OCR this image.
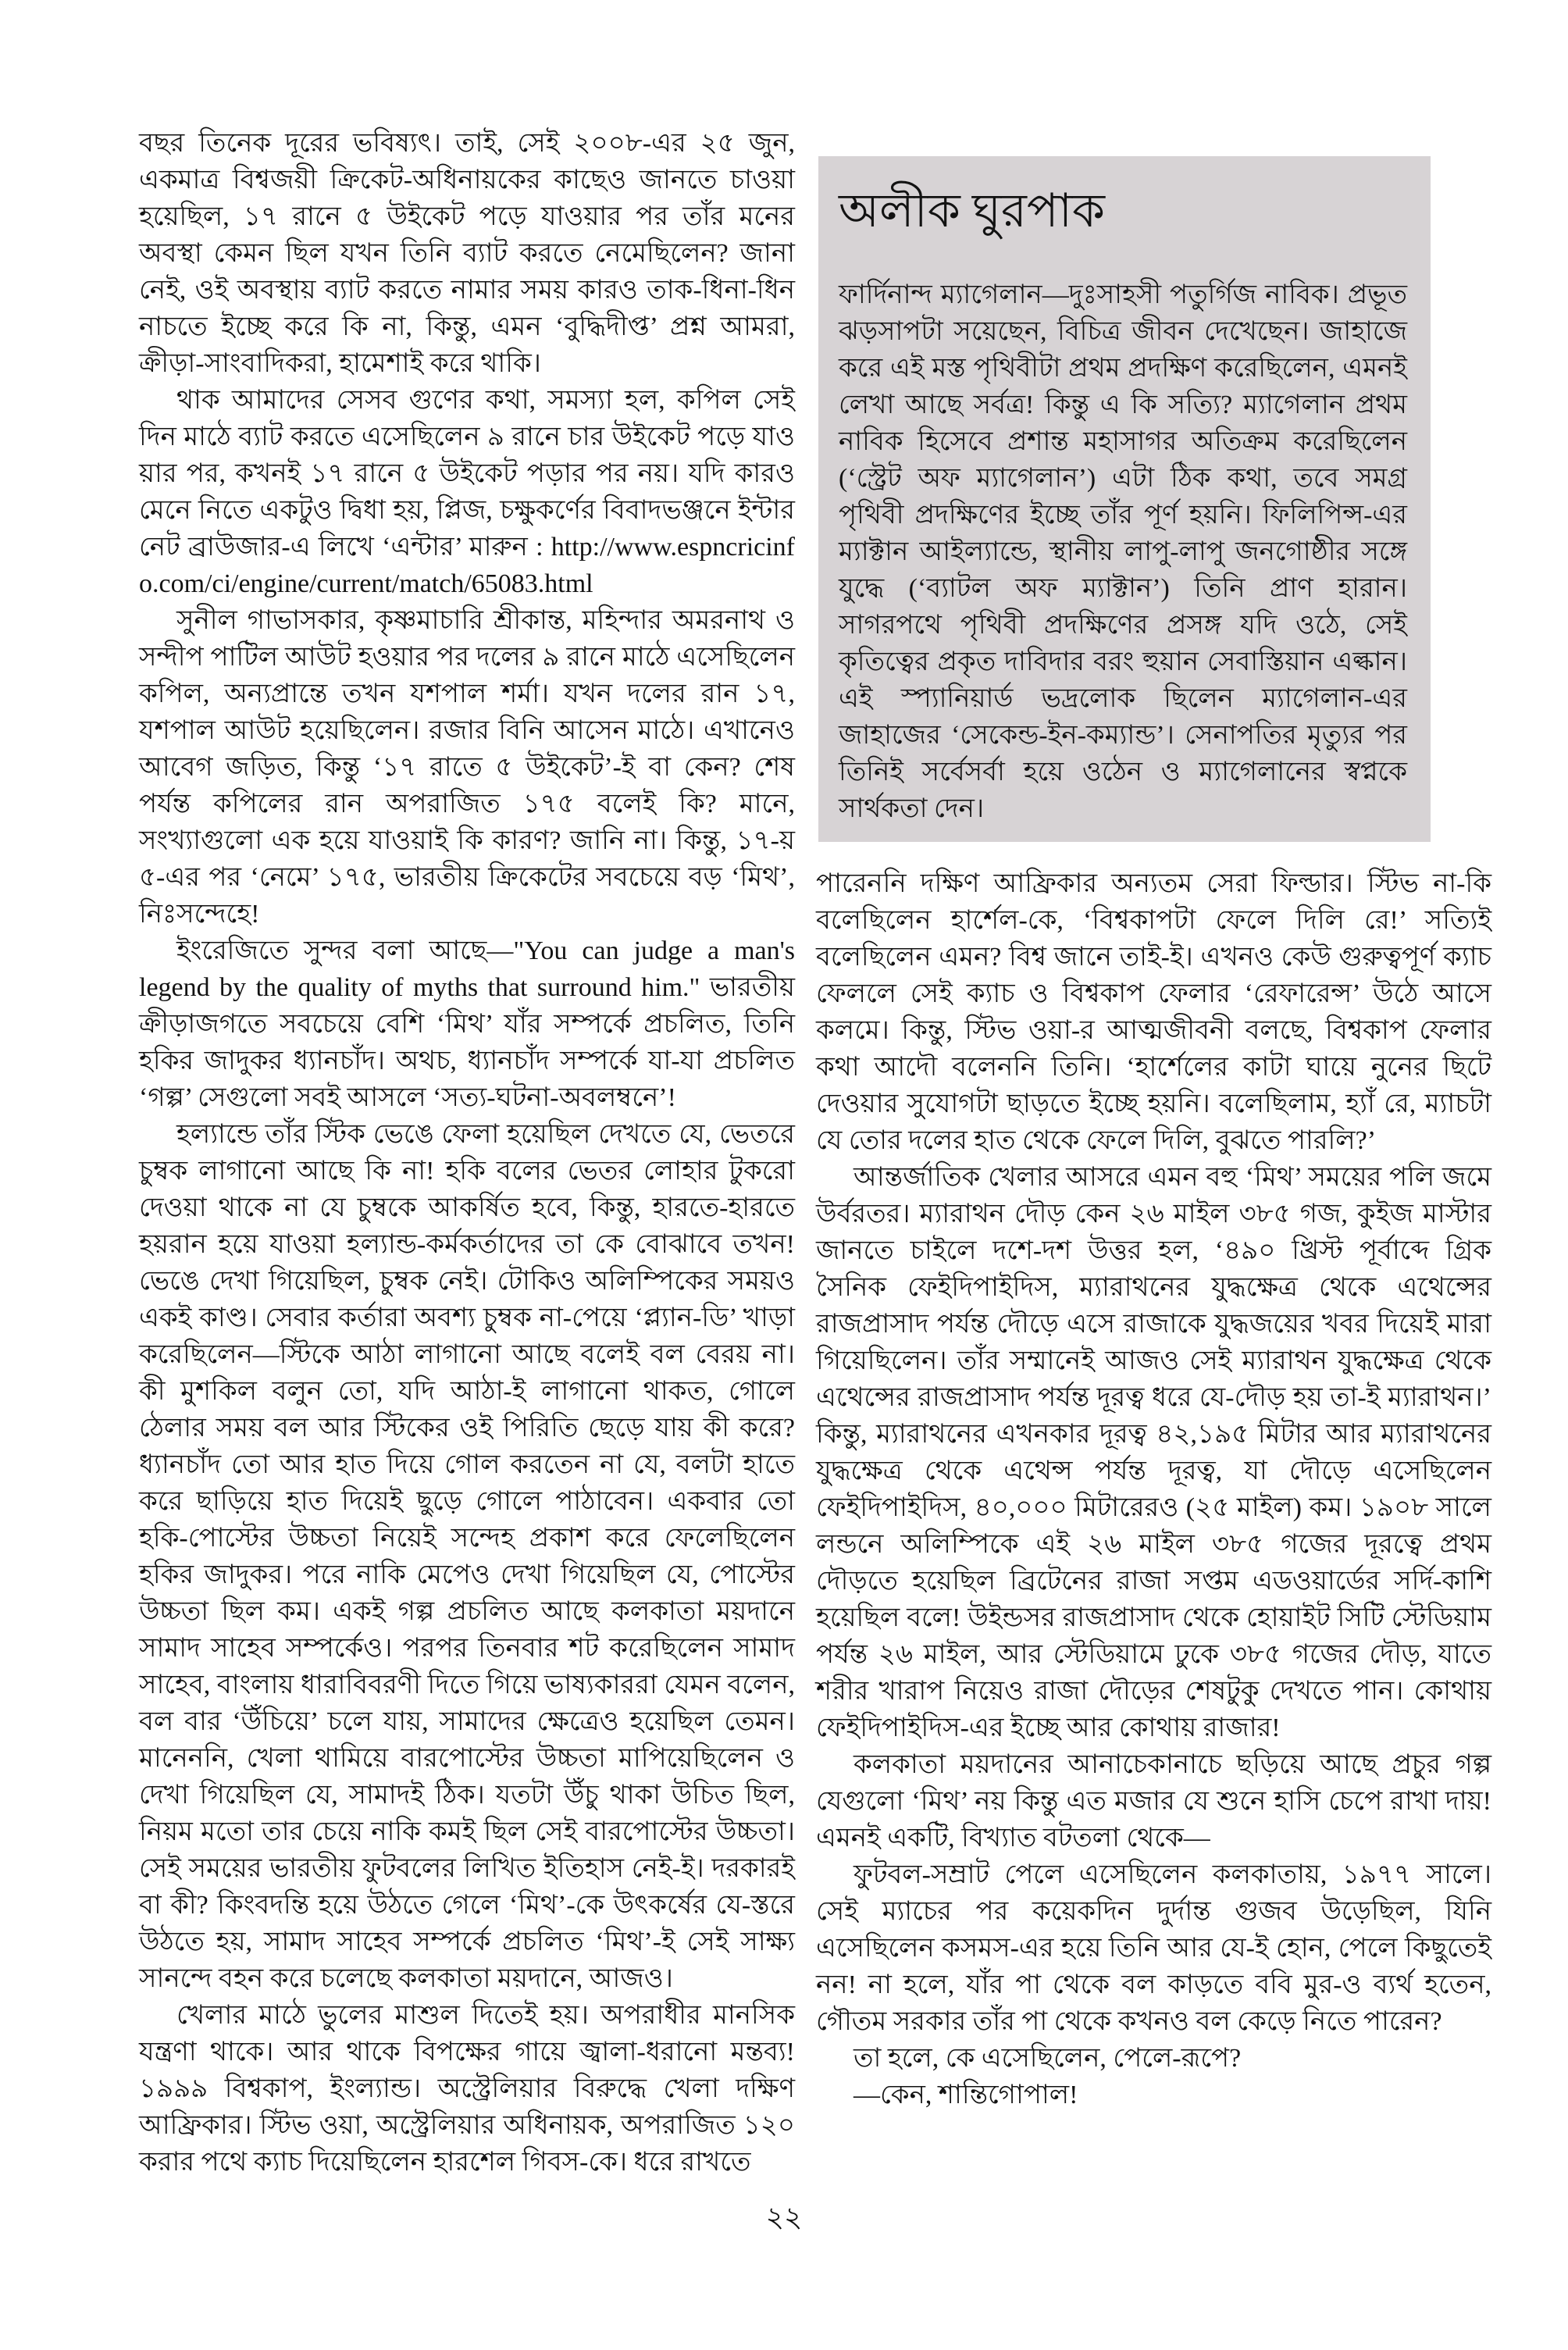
বছর তিনেক দূরের ভবিষ্যৎ। তাই, সেই ২০০৮-এর ২৫ জুন, একমাত্র বিশ্বজয়ী ক্রিকেট-অধিনায়কের কাছেও জানতে চাওয়া হয়েছিল, ১৭ রানে ৫ উইকেট পড়ে যাওয়ার পর তাঁর মনের অবস্থা কেমন ছিল যখন তিনি ব্যাট করতে নেমেছিলেন? জানা নেই, ওই অবস্থায় ব্যাট করতে নামার সময় কারও তাক-ধিনা-ধিন নাচতে ইচ্ছে করে কি না, কিন্তু, এমন ‘বুদ্ধিদীপ্ত’ প্রশ্ন আমরা, ক্রীড়া-সাংবাদিকরা, হামেশাই করে থাকি।

থাক আমাদের সেসব গুণের কথা, সমস্যা হল, কপিল সেই দিন মাঠে ব্যাট করতে এসেছিলেন ৯ রানে চার উইকেট পড়ে যাওয়ার পর, কখনই ১৭ রানে ৫ উইকেট পড়ার পর নয়। যদি কারও মেনে নিতে একটুও দ্বিধা হয়, প্লিজ, চক্ষুকর্ণের বিবাদভঞ্জনে ইন্টারনেট ব্রাউজার-এ লিখে ‘এন্টার’ মারুন : http://www.espncricinfo.com/ci/engine/current/match/65083.html

সুনীল গাভাসকার, কৃষ্ণমাচারি শ্রীকান্ত, মহিন্দার অমরনাথ ও সন্দীপ পাটিল আউট হওয়ার পর দলের ৯ রানে মাঠে এসেছিলেন কপিল, অন্যপ্রান্তে তখন যশপাল শর্মা। যখন দলের রান ১৭, যশপাল আউট হয়েছিলেন। রজার বিনি আসেন মাঠে। এখানেও আবেগ জড়িত, কিন্তু ‘১৭ রাতে ৫ উইকেট’-ই বা কেন? শেষ পর্যন্ত কপিলের রান অপরাজিত ১৭৫ বলেই কি? মানে, সংখ্যাগুলো এক হয়ে যাওয়াই কি কারণ? জানি না। কিন্তু, ১৭-য় ৫-এর পর ‘নেমে’ ১৭৫, ভারতীয় ক্রিকেটের সবচেয়ে বড় ‘মিথ’, নিঃসন্দেহে!

ইংরেজিতে সুন্দর বলা আছে—"You can judge a man's legend by the quality of myths that surround him." ভারতীয় ক্রীড়াজগতে সবচেয়ে বেশি ‘মিথ’ যাঁর সম্পর্কে প্রচলিত, তিনি হকির জাদুকর ধ্যানচাঁদ। অথচ, ধ্যানচাঁদ সম্পর্কে যা-যা প্রচলিত ‘গল্প’ সেগুলো সবই আসলে ‘সত্য-ঘটনা-অবলম্বনে’!

হল্যান্ডে তাঁর স্টিক ভেঙে ফেলা হয়েছিল দেখতে যে, ভেতরে চুম্বক লাগানো আছে কি না! হকি বলের ভেতর লোহার টুকরো দেওয়া থাকে না যে চুম্বকে আকর্ষিত হবে, কিন্তু, হারতে-হারতে হয়রান হয়ে যাওয়া হল্যান্ড-কর্মকর্তাদের তা কে বোঝাবে তখন! ভেঙে দেখা গিয়েছিল, চুম্বক নেই। টোকিও অলিম্পিকের সময়ও একই কাণ্ড। সেবার কর্তারা অবশ্য চুম্বক না-পেয়ে ‘প্ল্যান-ডি’ খাড়া করেছিলেন—স্টিকে আঠা লাগানো আছে বলেই বল বেরয় না। কী মুশকিল বলুন তো, যদি আঠা-ই লাগানো থাকত, গোলে ঠেলার সময় বল আর স্টিকের ওই পিরিতি ছেড়ে যায় কী করে? ধ্যানচাঁদ তো আর হাত দিয়ে গোল করতেন না যে, বলটা হাতে করে ছাড়িয়ে হাত দিয়েই ছুড়ে গোলে পাঠাবেন। একবার তো হকি-পোস্টের উচ্চতা নিয়েই সন্দেহ প্রকাশ করে ফেলেছিলেন হকির জাদুকর। পরে নাকি মেপেও দেখা গিয়েছিল যে, পোস্টের উচ্চতা ছিল কম। একই গল্প প্রচলিত আছে কলকাতা ময়দানে সামাদ সাহেব সম্পর্কেও। পরপর তিনবার শট করেছিলেন সামাদ সাহেব, বাংলায় ধারাবিবরণী দিতে গিয়ে ভাষ্যকাররা যেমন বলেন, বল বার ‘উঁচিয়ে’ চলে যায়, সামাদের ক্ষেত্রেও হয়েছিল তেমন। মানেননি, খেলা থামিয়ে বারপোস্টের উচ্চতা মাপিয়েছিলেন ও দেখা গিয়েছিল যে, সামাদই ঠিক। যতটা উঁচু থাকা উচিত ছিল, নিয়ম মতো তার চেয়ে নাকি কমই ছিল সেই বারপোস্টের উচ্চতা। সেই সময়ের ভারতীয় ফুটবলের লিখিত ইতিহাস নেই-ই। দরকারই বা কী? কিংবদন্তি হয়ে উঠতে গেলে ‘মিথ’-কে উৎকর্ষের যে-স্তরে উঠতে হয়, সামাদ সাহেব সম্পর্কে প্রচলিত ‘মিথ’-ই সেই সাক্ষ্য সানন্দে বহন করে চলেছে কলকাতা ময়দানে, আজও।

খেলার মাঠে ভুলের মাশুল দিতেই হয়। অপরাধীর মানসিক যন্ত্রণা থাকে। আর থাকে বিপক্ষের গায়ে জ্বালা-ধরানো মন্তব্য! ১৯৯৯ বিশ্বকাপ, ইংল্যান্ড। অস্ট্রেলিয়ার বিরুদ্ধে খেলা দক্ষিণ আফ্রিকার। স্টিভ ওয়া, অস্ট্রেলিয়ার অধিনায়ক, অপরাজিত ১২০ করার পথে ক্যাচ দিয়েছিলেন হারশেল গিবস-কে। ধরে রাখতে

অলীক ঘুরপাক

ফার্দিনান্দ ম্যাগেলান—দুঃসাহসী পতুর্গিজ নাবিক। প্রভূত ঝড়সাপটা সয়েছেন, বিচিত্র জীবন দেখেছেন। জাহাজে করে এই মস্ত পৃথিবীটা প্রথম প্রদক্ষিণ করেছিলেন, এমনই লেখা আছে সর্বত্র! কিন্তু এ কি সত্যি? ম্যাগেলান প্রথম নাবিক হিসেবে প্রশান্ত মহাসাগর অতিক্রম করেছিলেন (‘স্ট্রেট অফ ম্যাগেলান’) এটা ঠিক কথা, তবে সমগ্র পৃথিবী প্রদক্ষিণের ইচ্ছে তাঁর পূর্ণ হয়নি। ফিলিপিন্স-এর ম্যাক্টান আইল্যান্ডে, স্থানীয় লাপু-লাপু জনগোষ্ঠীর সঙ্গে যুদ্ধে (‘ব্যাটল অফ ম্যাক্টান’) তিনি প্রাণ হারান। সাগরপথে পৃথিবী প্রদক্ষিণের প্রসঙ্গ যদি ওঠে, সেই কৃতিত্বের প্রকৃত দাবিদার বরং হুয়ান সেবাস্তিয়ান এল্কান। এই স্প্যানিয়ার্ড ভদ্রলোক ছিলেন ম্যাগেলান-এর জাহাজের ‘সেকেন্ড-ইন-কম্যান্ড’। সেনাপতির মৃত্যুর পর তিনিই সর্বেসর্বা হয়ে ওঠেন ও ম্যাগেলানের স্বপ্নকে সার্থকতা দেন।

পারেননি দক্ষিণ আফ্রিকার অন্যতম সেরা ফিল্ডার। স্টিভ না-কি বলেছিলেন হার্শেল-কে, ‘বিশ্বকাপটা ফেলে দিলি রে!’ সত্যিই বলেছিলেন এমন? বিশ্ব জানে তাই-ই। এখনও কেউ গুরুত্বপূর্ণ ক্যাচ ফেললে সেই ক্যাচ ও বিশ্বকাপ ফেলার ‘রেফারেন্স’ উঠে আসে কলমে। কিন্তু, স্টিভ ওয়া-র আত্মজীবনী বলছে, বিশ্বকাপ ফেলার কথা আদৌ বলেননি তিনি। ‘হার্শেলের কাটা ঘায়ে নুনের ছিটে দেওয়ার সুযোগটা ছাড়তে ইচ্ছে হয়নি। বলেছিলাম, হ্যাঁ রে, ম্যাচটা যে তোর দলের হাত থেকে ফেলে দিলি, বুঝতে পারলি?’

আন্তর্জাতিক খেলার আসরে এমন বহু ‘মিথ’ সময়ের পলি জমে উর্বরতর। ম্যারাথন দৌড় কেন ২৬ মাইল ৩৮৫ গজ, কুইজ মাস্টার জানতে চাইলে দশে-দশ উত্তর হল, ‘৪৯০ খ্রিস্ট পূর্বাব্দে গ্রিক সৈনিক ফেইদিপাইদিস, ম্যারাথনের যুদ্ধক্ষেত্র থেকে এথেন্সের রাজপ্রাসাদ পর্যন্ত দৌড়ে এসে রাজাকে যুদ্ধজয়ের খবর দিয়েই মারা গিয়েছিলেন। তাঁর সম্মানেই আজও সেই ম্যারাথন যুদ্ধক্ষেত্র থেকে এথেন্সের রাজপ্রাসাদ পর্যন্ত দূরত্ব ধরে যে-দৌড় হয় তা-ই ম্যারাথন।’ কিন্তু, ম্যারাথনের এখনকার দূরত্ব ৪২,১৯৫ মিটার আর ম্যারাথনের যুদ্ধক্ষেত্র থেকে এথেন্স পর্যন্ত দূরত্ব, যা দৌড়ে এসেছিলেন ফেইদিপাইদিস, ৪০,০০০ মিটারেরও (২৫ মাইল) কম। ১৯০৮ সালে লন্ডনে অলিম্পিকে এই ২৬ মাইল ৩৮৫ গজের দূরত্বে প্রথম দৌড়তে হয়েছিল ব্রিটেনের রাজা সপ্তম এডওয়ার্ডের সর্দি-কাশি হয়েছিল বলে! উইন্ডসর রাজপ্রাসাদ থেকে হোয়াইট সিটি স্টেডিয়াম পর্যন্ত ২৬ মাইল, আর স্টেডিয়ামে ঢুকে ৩৮৫ গজের দৌড়, যাতে শরীর খারাপ নিয়েও রাজা দৌড়ের শেষটুকু দেখতে পান। কোথায় ফেইদিপাইদিস-এর ইচ্ছে আর কোথায় রাজার!

কলকাতা ময়দানের আনাচেকানাচে ছড়িয়ে আছে প্রচুর গল্প যেগুলো ‘মিথ’ নয় কিন্তু এত মজার যে শুনে হাসি চেপে রাখা দায়! এমনই একটি, বিখ্যাত বটতলা থেকে—

ফুটবল-সম্রাট পেলে এসেছিলেন কলকাতায়, ১৯৭৭ সালে। সেই ম্যাচের পর কয়েকদিন দুর্দান্ত গুজব উড়েছিল, যিনি এসেছিলেন কসমস-এর হয়ে তিনি আর যে-ই হোন, পেলে কিছুতেই নন! না হলে, যাঁর পা থেকে বল কাড়তে ববি মুর-ও ব্যর্থ হতেন, গৌতম সরকার তাঁর পা থেকে কখনও বল কেড়ে নিতে পারেন?

তা হলে, কে এসেছিলেন, পেলে-রূপে?

—কেন, শান্তিগোপাল!

২২
